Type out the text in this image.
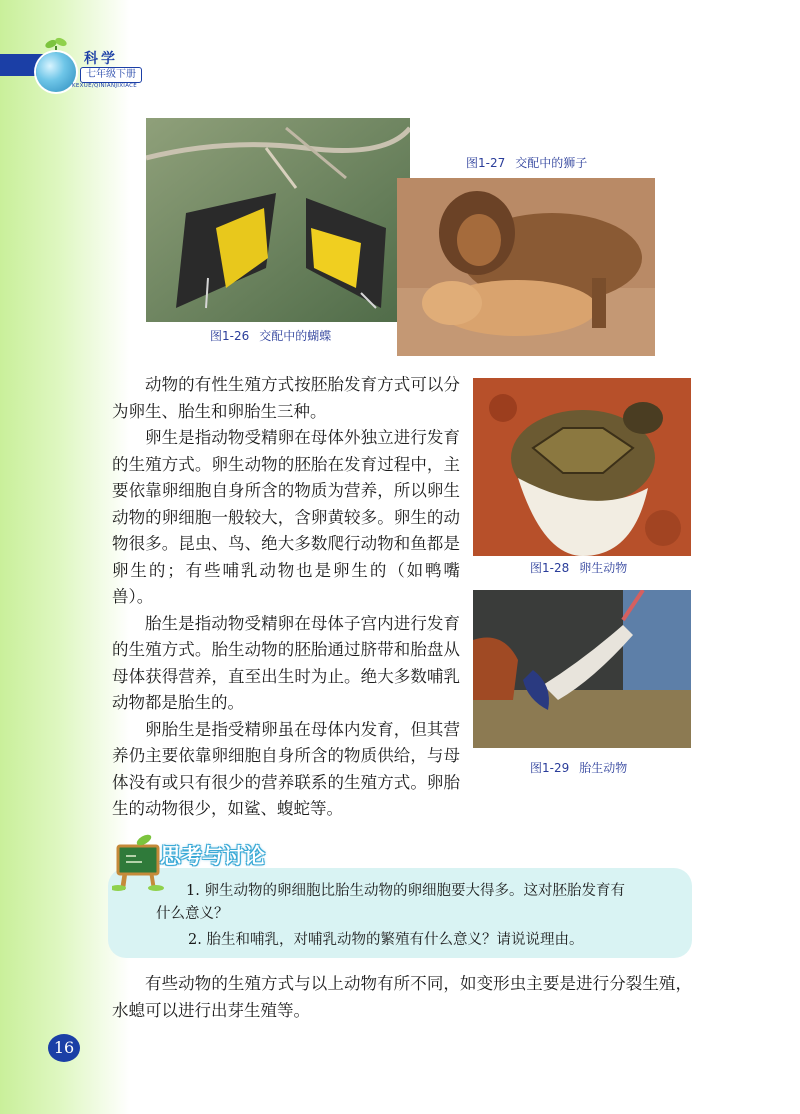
科学
七年级下册
KEXUE/QINIANJIXIACE
图1-26 交配中的蝴蝶
图1-27 交配中的狮子
图1-28 卵生动物
图1-29 胎生动物

动物的有性生殖方式按胚胎发育方式可以分为卵生、胎生和卵胎生三种。

卵生是指动物受精卵在母体外独立进行发育的生殖方式。卵生动物的胚胎在发育过程中，主要依靠卵细胞自身所含的物质为营养，所以卵生动物的卵细胞一般较大，含卵黄较多。卵生的动物很多。昆虫、鸟、绝大多数爬行动物和鱼都是卵生的；有些哺乳动物也是卵生的（如鸭嘴兽）。

胎生是指动物受精卵在母体子宫内进行发育的生殖方式。胎生动物的胚胎通过脐带和胎盘从母体获得营养，直至出生时为止。绝大多数哺乳动物都是胎生的。

卵胎生是指受精卵虽在母体内发育，但其营养仍主要依靠卵细胞自身所含的物质供给，与母体没有或只有很少的营养联系的生殖方式。卵胎生的动物很少，如鲨、蝮蛇等。

思考与讨论
1. 卵生动物的卵细胞比胎生动物的卵细胞要大得多。这对胚胎发育有
什么意义？
2. 胎生和哺乳，对哺乳动物的繁殖有什么意义？请说说理由。

有些动物的生殖方式与以上动物有所不同，如变形虫主要是进行分裂生殖，水螅可以进行出芽生殖等。

16
